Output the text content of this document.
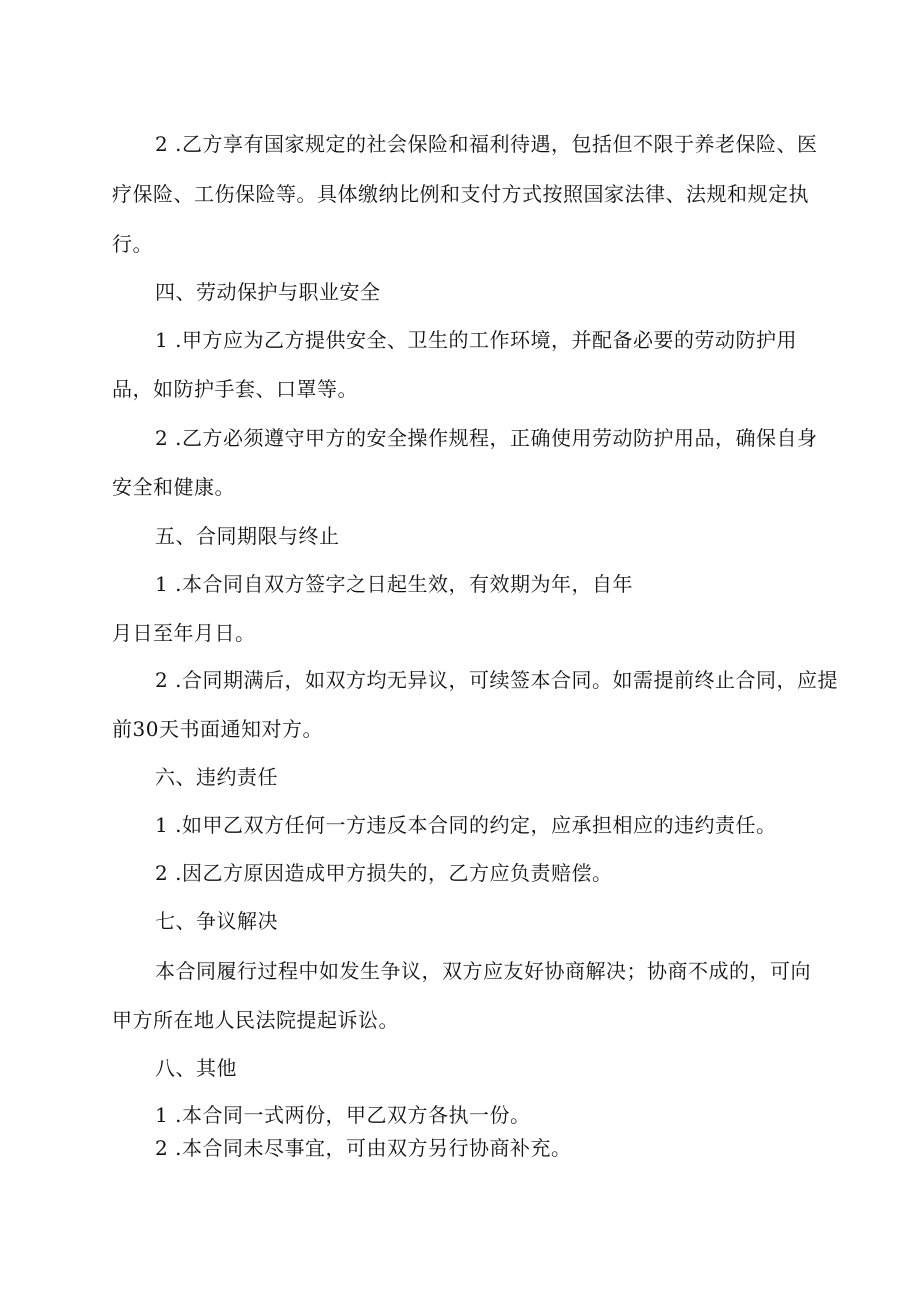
2 .乙方享有国家规定的社会保险和福利待遇，包括但不限于养老保险、医
疗保险、工伤保险等。具体缴纳比例和支付方式按照国家法律、法规和规定执
行。
四、劳动保护与职业安全
1 .甲方应为乙方提供安全、卫生的工作环境，并配备必要的劳动防护用
品，如防护手套、口罩等。
2 .乙方必须遵守甲方的安全操作规程，正确使用劳动防护用品，确保自身
安全和健康。
五、合同期限与终止
1 .本合同自双方签字之日起生效，有效期为年，自年
月日至年月日。
2 .合同期满后，如双方均无异议，可续签本合同。如需提前终止合同，应提
前30天书面通知对方。
六、违约责任
1 .如甲乙双方任何一方违反本合同的约定，应承担相应的违约责任。
2 .因乙方原因造成甲方损失的，乙方应负责赔偿。
七、争议解决
本合同履行过程中如发生争议，双方应友好协商解决；协商不成的，可向
甲方所在地人民法院提起诉讼。
八、其他
1 .本合同一式两份，甲乙双方各执一份。
2 .本合同未尽事宜，可由双方另行协商补充。
